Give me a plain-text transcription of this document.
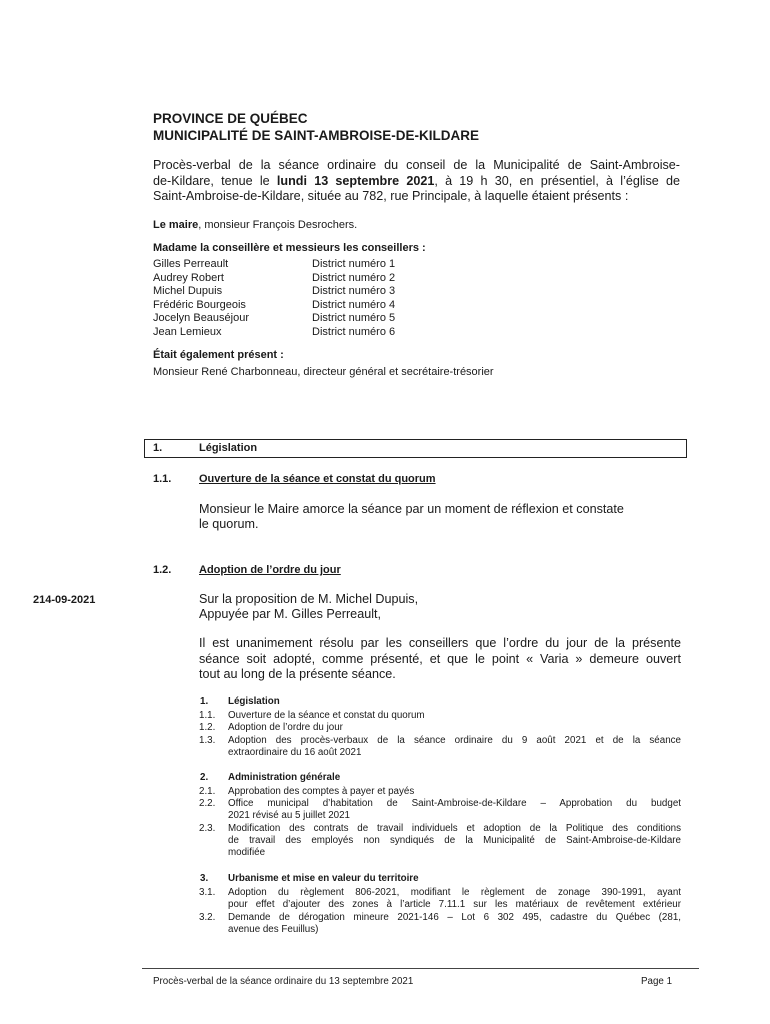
PROVINCE DE QUÉBEC
MUNICIPALITÉ DE SAINT-AMBROISE-DE-KILDARE
Procès-verbal de la séance ordinaire du conseil de la Municipalité de Saint-Ambroise-
de-Kildare, tenue le lundi 13 septembre 2021, à 19 h 30, en présentiel, à l’église de
Saint-Ambroise-de-Kildare, située au 782, rue Principale, à laquelle étaient présents :
Le maire, monsieur François Desrochers.
Madame la conseillère et messieurs les conseillers :
Gilles Perreault	District numéro 1
Audrey Robert	District numéro 2
Michel Dupuis	District numéro 3
Frédéric Bourgeois	District numéro 4
Jocelyn Beauséjour	District numéro 5
Jean Lemieux	District numéro 6
Était également présent :
Monsieur René Charbonneau, directeur général et secrétaire-trésorier
1.	Législation
1.1.	Ouverture de la séance et constat du quorum
Monsieur le Maire amorce la séance par un moment de réflexion et constate
le quorum.
1.2.	Adoption de l’ordre du jour
214-09-2021	Sur la proposition de M. Michel Dupuis,
Appuyée par M. Gilles Perreault,
Il est unanimement résolu par les conseillers que l’ordre du jour de la présente
séance soit adopté, comme présenté, et que le point « Varia » demeure ouvert
tout au long de la présente séance.
1. Législation
1.1. Ouverture de la séance et constat du quorum
1.2. Adoption de l’ordre du jour
1.3. Adoption des procès-verbaux de la séance ordinaire du 9 août 2021 et de la séance
extraordinaire du 16 août 2021
2. Administration générale
2.1. Approbation des comptes à payer et payés
2.2. Office municipal d’habitation de Saint-Ambroise-de-Kildare – Approbation du budget
2021 révisé au 5 juillet 2021
2.3. Modification des contrats de travail individuels et adoption de la Politique des conditions
de travail des employés non syndiqués de la Municipalité de Saint-Ambroise-de-Kildare
modifiée
3. Urbanisme et mise en valeur du territoire
3.1. Adoption du règlement 806-2021, modifiant le règlement de zonage 390-1991, ayant
pour effet d’ajouter des zones à l’article 7.11.1 sur les matériaux de revêtement extérieur
3.2. Demande de dérogation mineure 2021-146 – Lot 6 302 495, cadastre du Québec (281,
avenue des Feuillus)
Procès-verbal de la séance ordinaire du 13 septembre 2021	Page 1
